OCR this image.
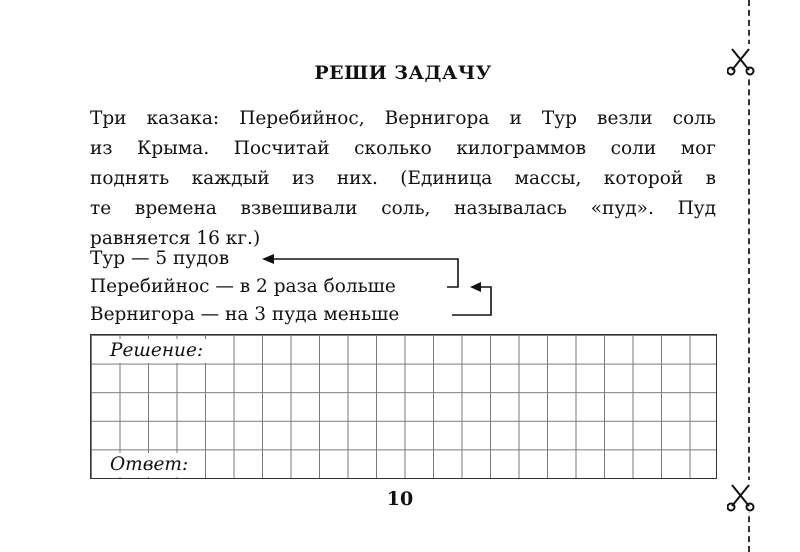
РЕШИ ЗАДАЧУ
Три казака: Перебийнос, Вернигора и Тур везли соль
из Крыма. Посчитай сколько килограммов соли мог
поднять каждый из них. (Единица массы, которой в
те времена взвешивали соль, называлась «пуд». Пуд
равняется 16 кг.)
Тур — 5 пудов
Перебийнос — в 2 раза больше
Вернигора — на 3 пуда меньше
Решение:
Ответ:
10
